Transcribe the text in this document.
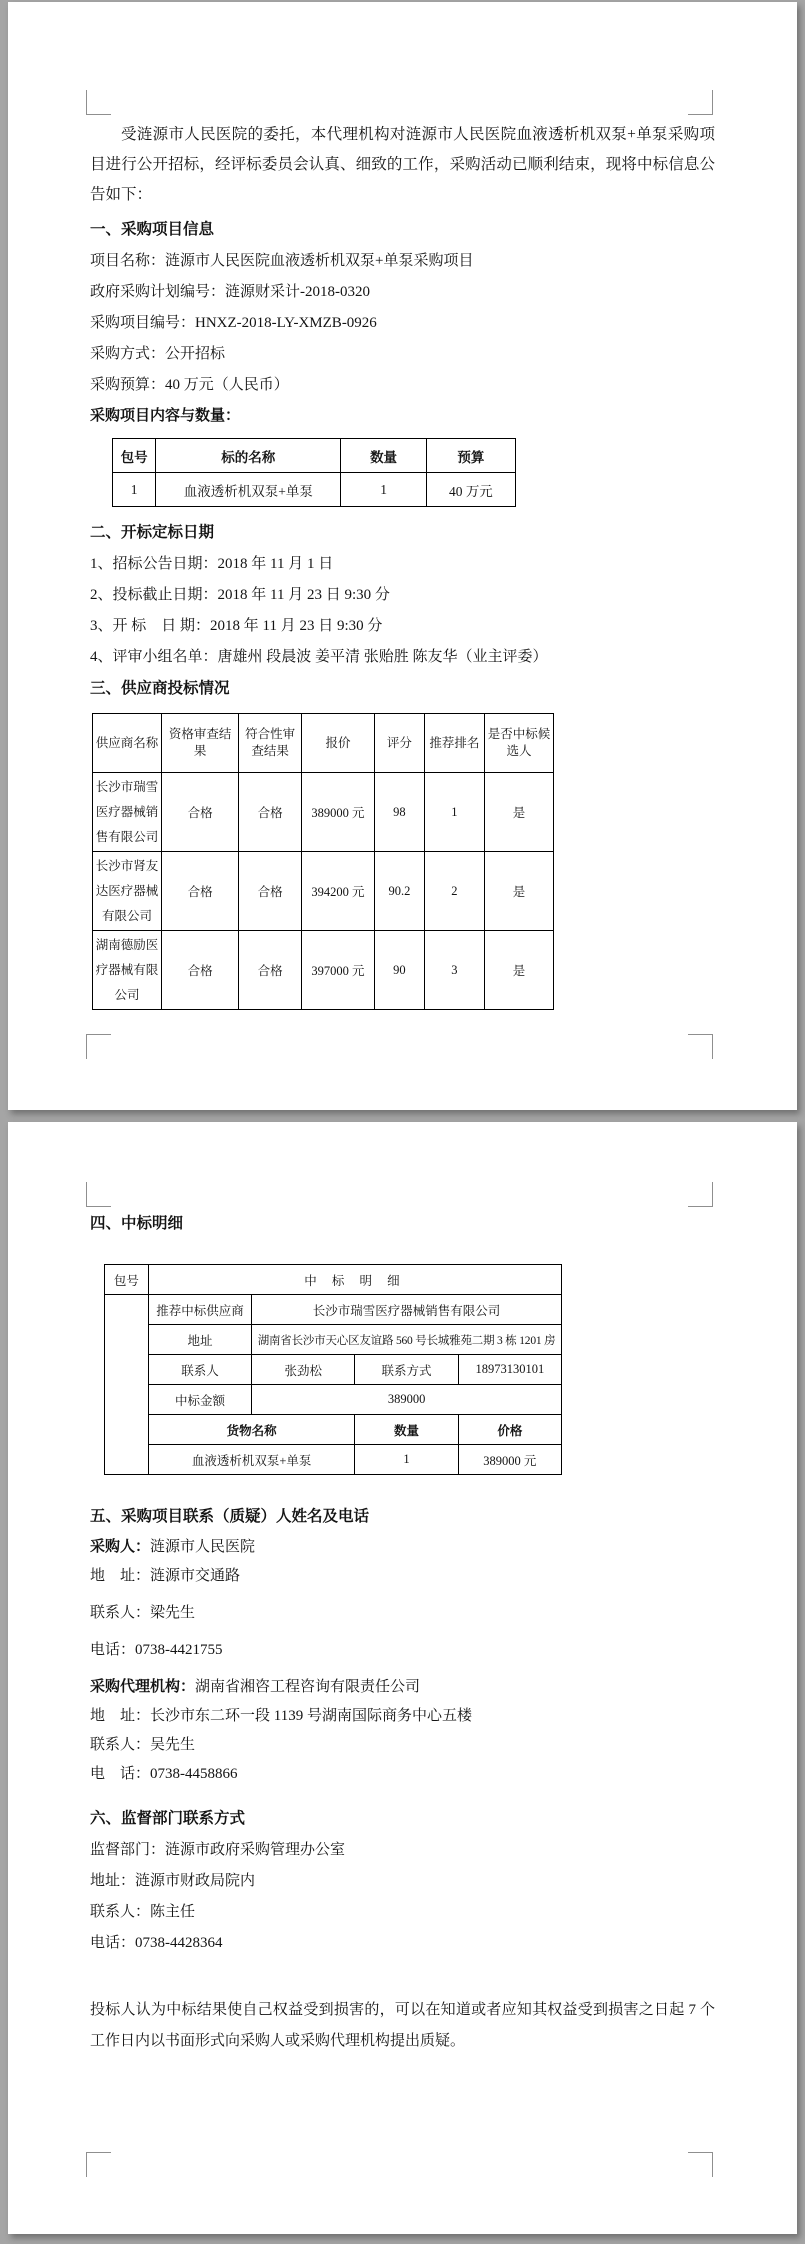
受涟源市人民医院的委托，本代理机构对涟源市人民医院血液透析机双泵+单泵采购项目进行公开招标，经评标委员会认真、细致的工作，采购活动已顺利结束，现将中标信息公告如下：
一、采购项目信息
项目名称：涟源市人民医院血液透析机双泵+单泵采购项目
政府采购计划编号：涟源财采计-2018-0320
采购项目编号：HNXZ-2018-LY-XMZB-0926
采购方式：公开招标
采购预算：40 万元（人民币）
采购项目内容与数量：
包号	标的名称	数量	预算
1	血液透析机双泵+单泵	1	40 万元
二、开标定标日期
1、招标公告日期：2018 年 11 月 1 日
2、投标截止日期：2018 年 11 月 23 日 9:30 分
3、开 标　日 期：2018 年 11 月 23 日 9:30 分
4、评审小组名单：唐雄州 段晨波 姜平清 张贻胜 陈友华（业主评委）
三、供应商投标情况
供应商名称	资格审查结果	符合性审查结果	报价	评分	推荐排名	是否中标候选人
长沙市瑞雪医疗器械销售有限公司	合格	合格	389000 元	98	1	是
长沙市肾友达医疗器械有限公司	合格	合格	394200 元	90.2	2	是
湖南德励医疗器械有限公司	合格	合格	397000 元	90	3	是
四、中标明细
包号	中 标 明 细			
	推荐中标供应商	长沙市瑞雪医疗器械销售有限公司		
	地址	湖南省长沙市天心区友谊路 560 号长城雅苑二期 3 栋 1201 房		
	联系人	张劲松	联系方式	18973130101
	中标金额	389000		
	货物名称		数量	价格
	血液透析机双泵+单泵		1	389000 元
五、采购项目联系（质疑）人姓名及电话
采购人：涟源市人民医院
地　址：涟源市交通路
联系人：梁先生
电话：0738-4421755
采购代理机构：湖南省湘咨工程咨询有限责任公司
地　址：长沙市东二环一段 1139 号湖南国际商务中心五楼
联系人：吴先生
电　话：0738-4458866
六、监督部门联系方式
监督部门：涟源市政府采购管理办公室
地址：涟源市财政局院内
联系人：陈主任
电话：0738-4428364
投标人认为中标结果使自己权益受到损害的，可以在知道或者应知其权益受到损害之日起 7 个工作日内以书面形式向采购人或采购代理机构提出质疑。
